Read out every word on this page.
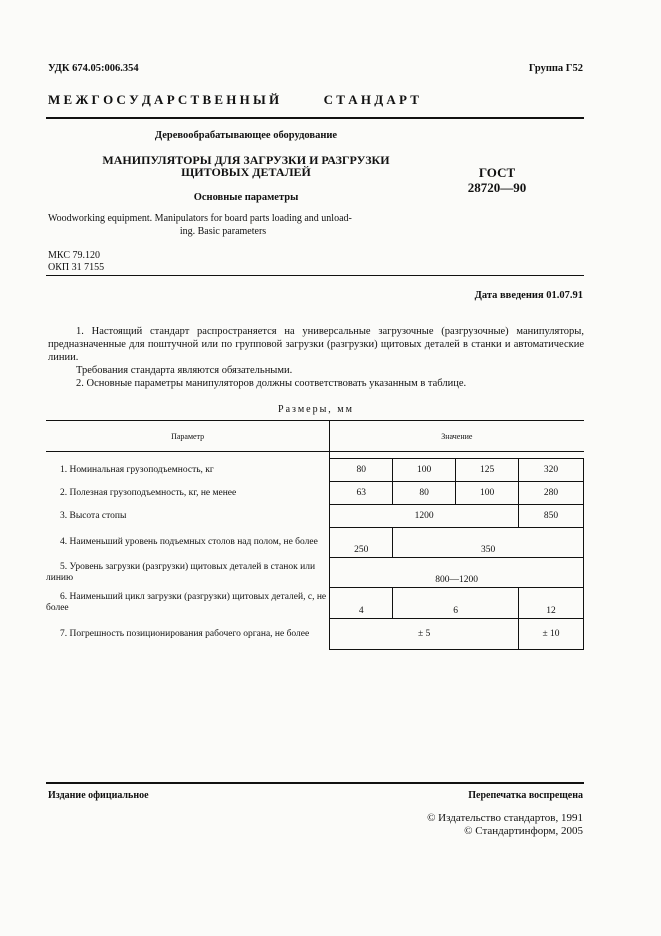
УДК 674.05:006.354	Группа Г52
М Е Ж Г О С У Д А Р С Т В Е Н Н Ы Й	С Т А Н Д А Р Т
Деревообрабатывающее оборудование
МАНИПУЛЯТОРЫ ДЛЯ ЗАГРУЗКИ И РАЗГРУЗКИ
ЩИТОВЫХ ДЕТАЛЕЙ
Основные параметры
ГОСТ
28720—90
Woodworking equipment. Manipulators for board parts loading and unload-
ing. Basic parameters
МКС 79.120
ОКП 31 7155
Дата введения 01.07.91
1. Настоящий стандарт распространяется на универсальные загрузочные (разгрузочные) манипуляторы, предназначенные для поштучной или по групповой загрузки (разгрузки) щитовых деталей в станки и автоматические линии.
Требования стандарта являются обязательными.
2. Основные параметры манипуляторов должны соответствовать указанным в таблице.
Размеры, мм
Параметр	Значение			

1. Номинальная грузоподъемность, кг	80	100	125	320
2. Полезная грузоподъемность, кг, не менее	63	80	100	280
3. Высота стопы	1200			850
4. Наименьший уровень подъемных столов над полом, не более	250	350		
5. Уровень загрузки (разгрузки) щитовых деталей в станок или линию	800—1200			
6. Наименьший цикл загрузки (разгрузки) щитовых деталей, с, не более	4	6		12
7. Погрешность позиционирования рабочего органа, не более	± 5			± 10
Издание официальное	Перепечатка воспрещена
© Издательство стандартов, 1991
© Стандартинформ, 2005
